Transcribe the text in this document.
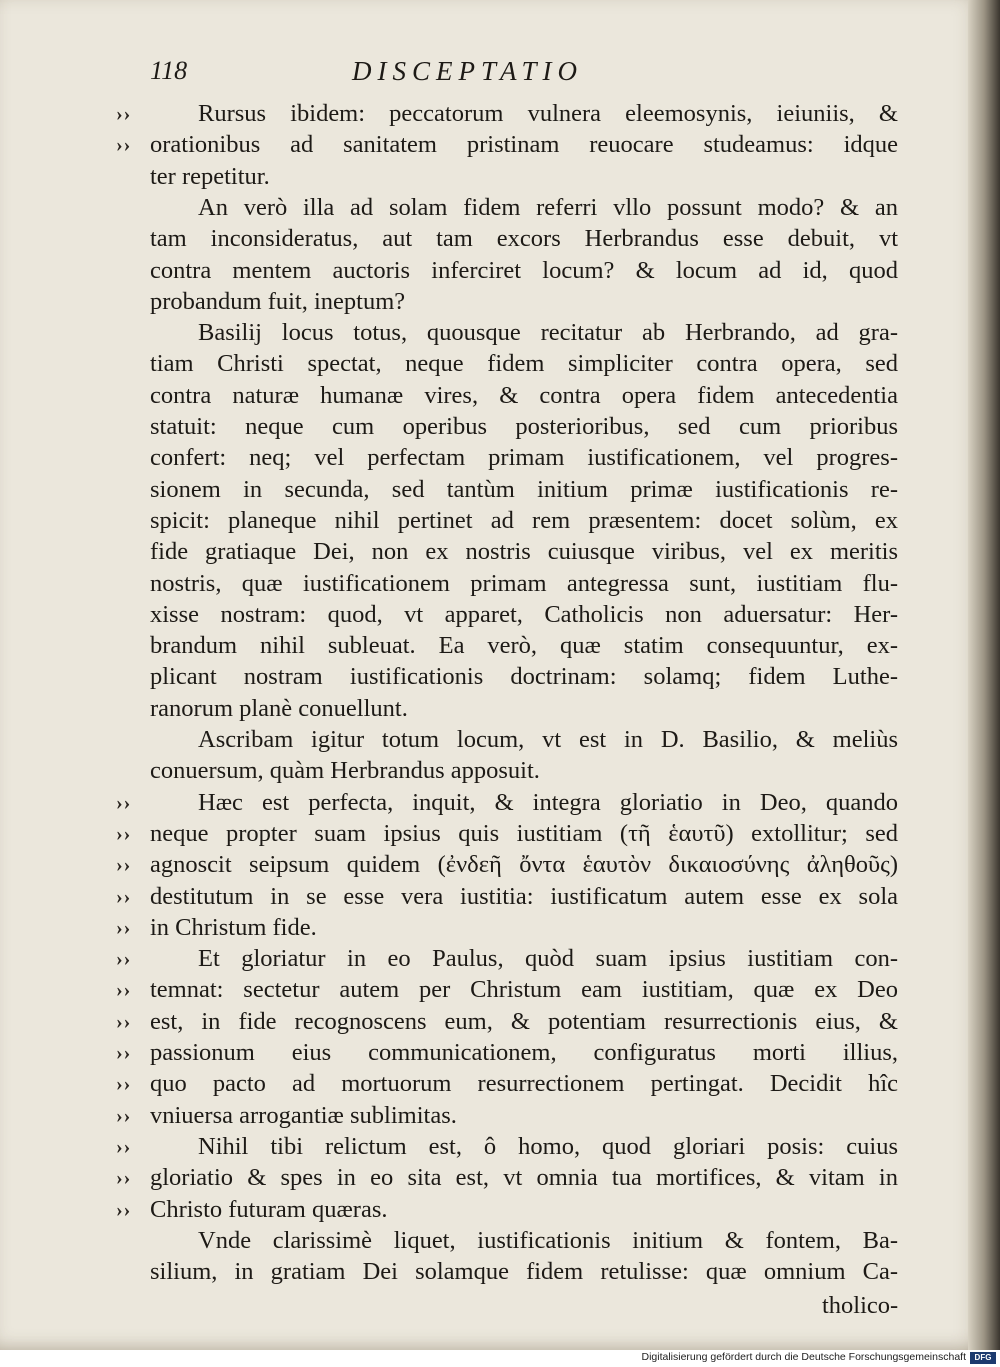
118	DISCEPTATIO
››	Rursus ibidem: peccatorum vulnera eleemosynis, ieiuniis, &
›› orationibus ad sanitatem pristinam reuocare studeamus: idque
ter repetitur.
An verò illa ad solam fidem referri vllo possunt modo? & an
tam inconsideratus, aut tam excors Herbrandus esse debuit, vt
contra mentem auctoris inferciret locum? & locum ad id, quod
probandum fuit, ineptum?
Basilij locus totus, quousque recitatur ab Herbrando, ad gra-
tiam Christi spectat, neque fidem simpliciter contra opera, sed
contra naturæ humanæ vires, & contra opera fidem antecedentia
statuit: neque cum operibus posterioribus, sed cum prioribus
confert: neq; vel perfectam primam iustificationem, vel progres-
sionem in secunda, sed tantùm initium primæ iustificationis re-
spicit: planeque nihil pertinet ad rem præsentem: docet solùm, ex
fide gratiaque Dei, non ex nostris cuiusque viribus, vel ex meritis
nostris, quæ iustificationem primam antegressa sunt, iustitiam flu-
xisse nostram: quod, vt apparet, Catholicis non aduersatur: Her-
brandum nihil subleuat. Ea verò, quæ statim consequuntur, ex-
plicant nostram iustificationis doctrinam: solamq; fidem Luthe-
ranorum planè conuellunt.
Ascribam igitur totum locum, vt est in D. Basilio, & meliùs
conuersum, quàm Herbrandus apposuit.
››	Hæc est perfecta, inquit, & integra gloriatio in Deo, quando
›› neque propter suam ipsius quis iustitiam (τῆ ἑαυτῦ) extollitur; sed
›› agnoscit seipsum quidem (ἐνδεῆ ὄντα ἑαυτὸν δικαιοσύνης ἀληθοῦς)
›› destitutum in se esse vera iustitia: iustificatum autem esse ex sola
›› in Christum fide.
››	Et gloriatur in eo Paulus, quòd suam ipsius iustitiam con-
›› temnat: sectetur autem per Christum eam iustitiam, quæ ex Deo
›› est, in fide recognoscens eum, & potentiam resurrectionis eius, &
›› passionum eius communicationem, configuratus morti illius,
›› quo pacto ad mortuorum resurrectionem pertingat. Decidit hîc
›› vniuersa arrogantiæ sublimitas.
››	Nihil tibi relictum est, ô homo, quod gloriari posis: cuius
›› gloriatio & spes in eo sita est, vt omnia tua mortifices, & vitam in
›› Christo futuram quæras.
Vnde clarissimè liquet, iustificationis initium & fontem, Ba-
silium, in gratiam Dei solamque fidem retulisse: quæ omnium Ca-
tholico-
Digitalisierung gefördert durch die Deutsche Forschungsgemeinschaft	DFG
